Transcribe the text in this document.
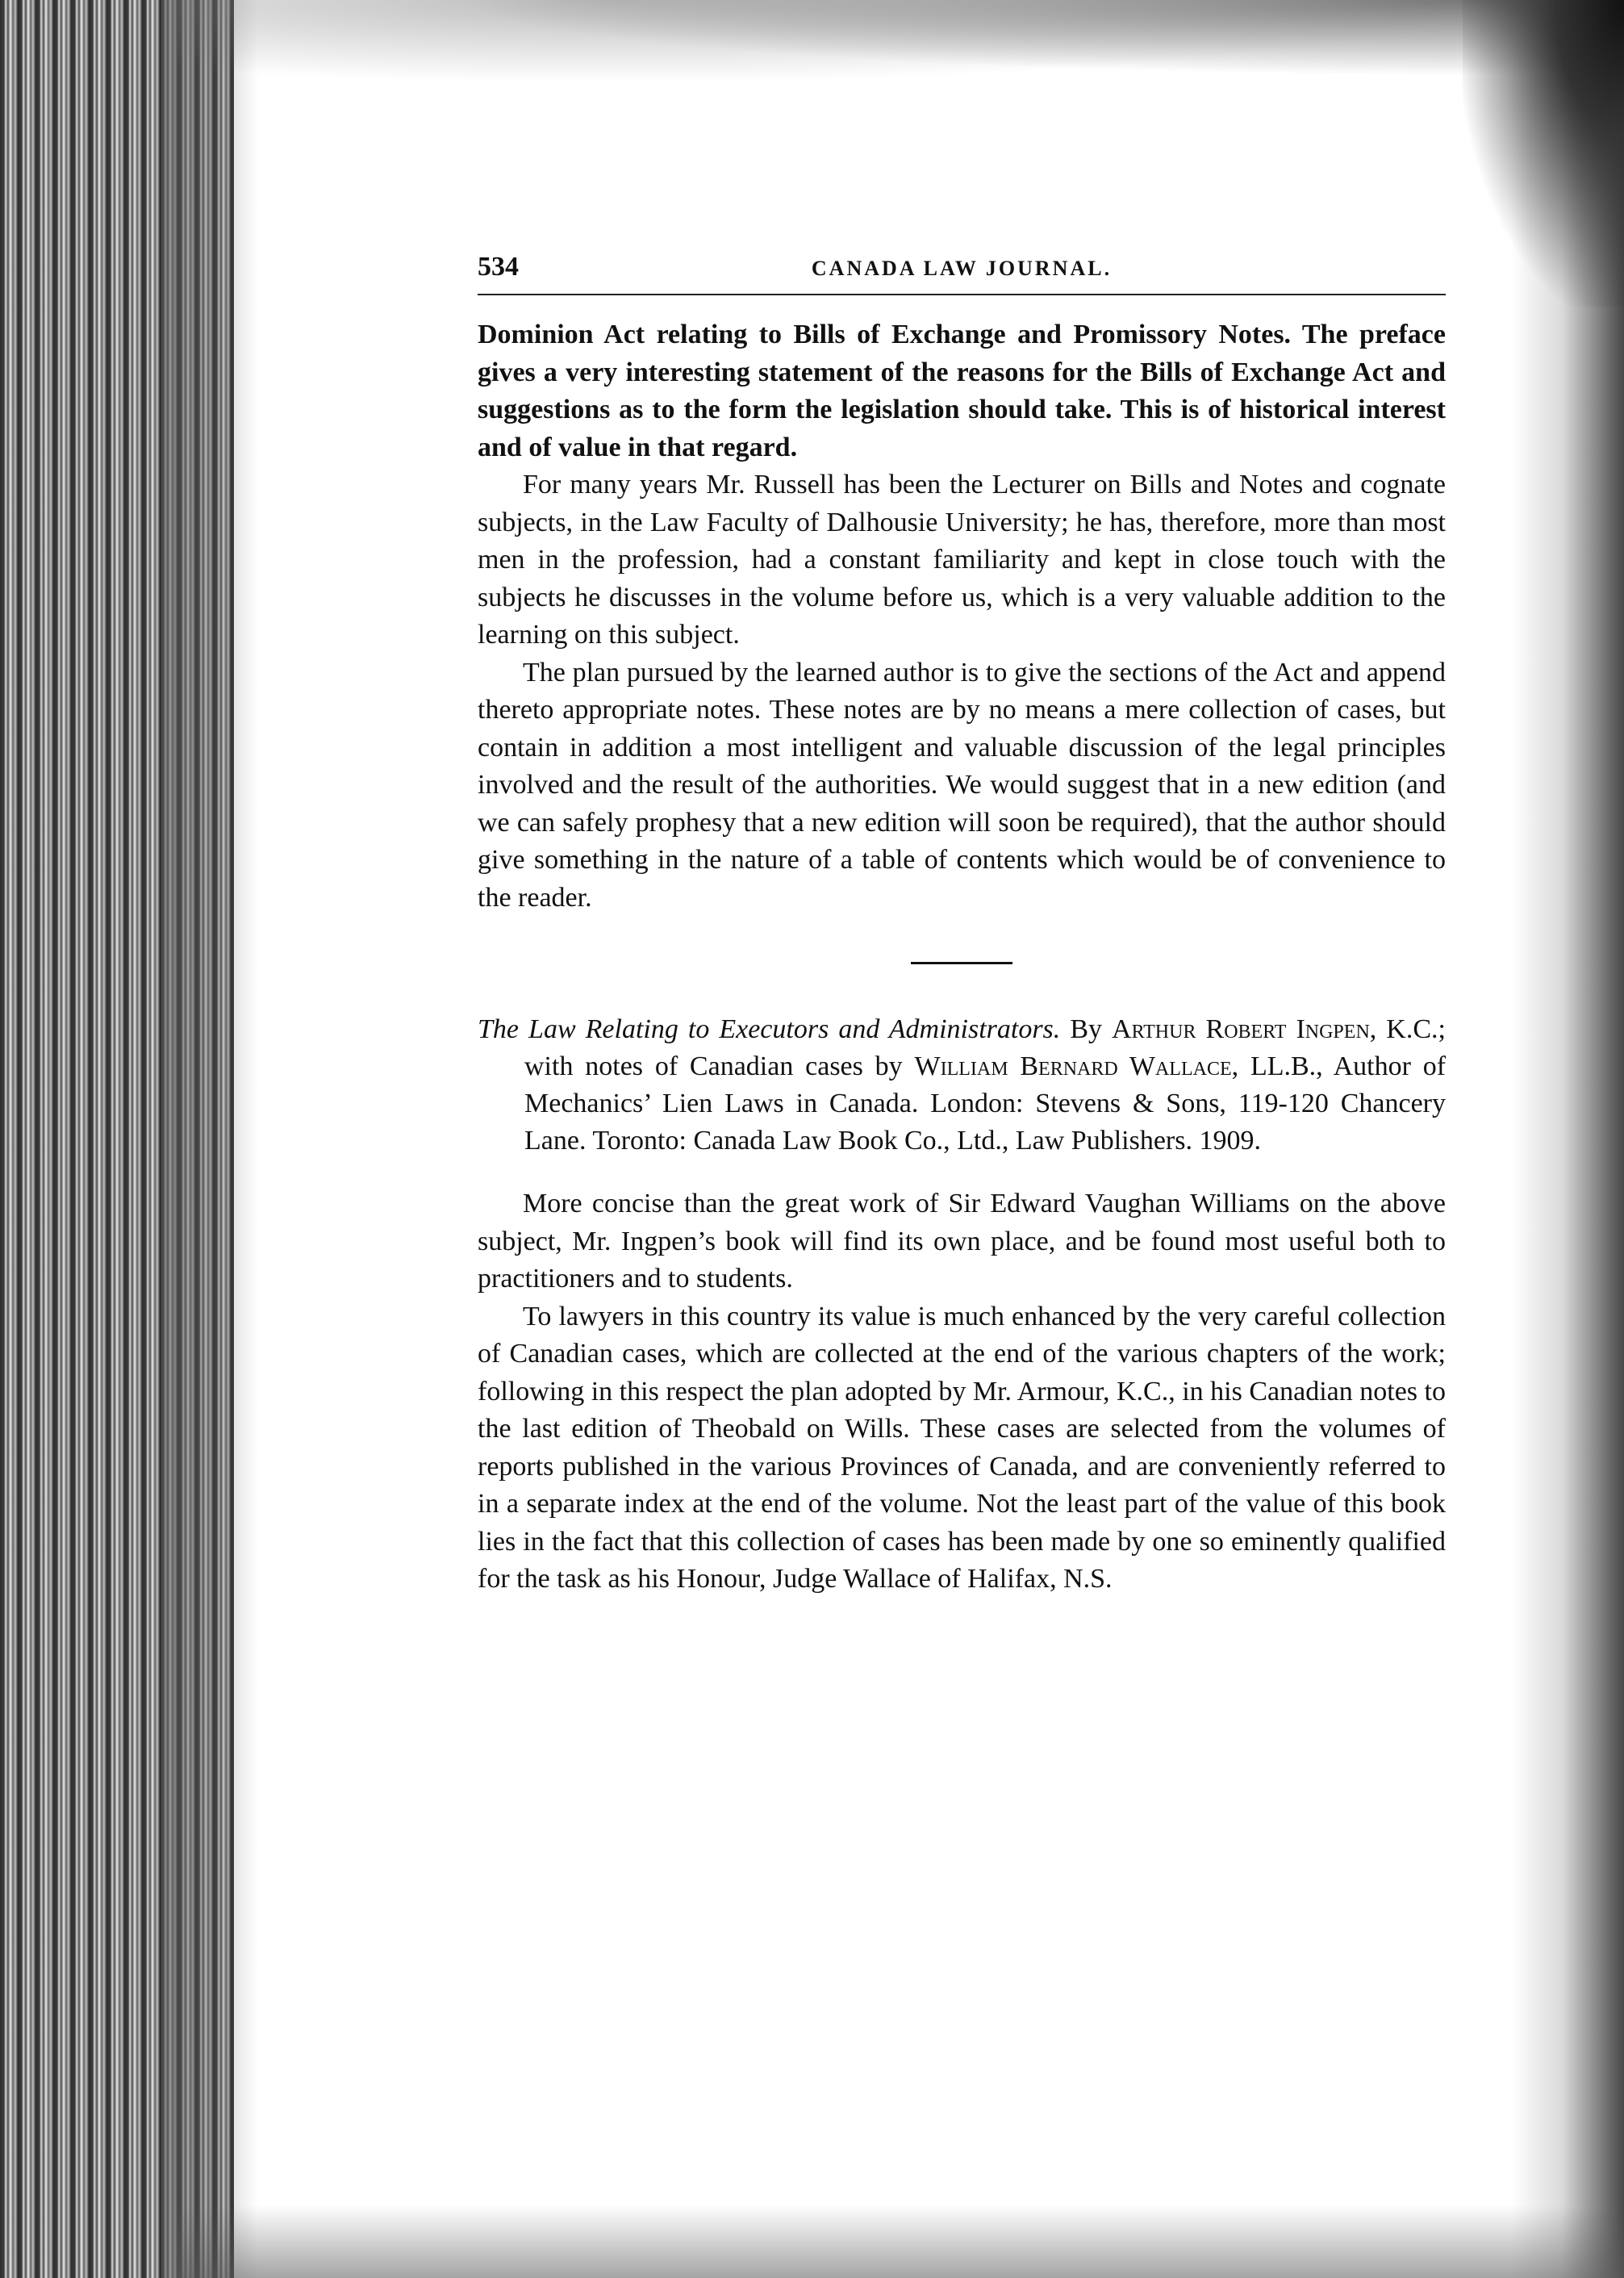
534	CANADA LAW JOURNAL.

Dominion Act relating to Bills of Exchange and Promissory Notes. The preface gives a very interesting statement of the reasons for the Bills of Exchange Act and suggestions as to the form the legislation should take. This is of historical interest and of value in that regard.

For many years Mr. Russell has been the Lecturer on Bills and Notes and cognate subjects, in the Law Faculty of Dalhousie University; he has, therefore, more than most men in the profession, had a constant familiarity and kept in close touch with the subjects he discusses in the volume before us, which is a very valuable addition to the learning on this subject.

The plan pursued by the learned author is to give the sections of the Act and append thereto appropriate notes. These notes are by no means a mere collection of cases, but contain in addition a most intelligent and valuable discussion of the legal principles involved and the result of the authorities. We would suggest that in a new edition (and we can safely prophesy that a new edition will soon be required), that the author should give something in the nature of a table of contents which would be of convenience to the reader.

The Law Relating to Executors and Administrators. By Arthur Robert Ingpen, K.C.; with notes of Canadian cases by William Bernard Wallace, LL.B., Author of Mechanics’ Lien Laws in Canada. London: Stevens & Sons, 119-120 Chancery Lane. Toronto: Canada Law Book Co., Ltd., Law Publishers. 1909.

More concise than the great work of Sir Edward Vaughan Williams on the above subject, Mr. Ingpen’s book will find its own place, and be found most useful both to practitioners and to students.

To lawyers in this country its value is much enhanced by the very careful collection of Canadian cases, which are collected at the end of the various chapters of the work; following in this respect the plan adopted by Mr. Armour, K.C., in his Canadian notes to the last edition of Theobald on Wills. These cases are selected from the volumes of reports published in the various Provinces of Canada, and are conveniently referred to in a separate index at the end of the volume. Not the least part of the value of this book lies in the fact that this collection of cases has been made by one so eminently qualified for the task as his Honour, Judge Wallace of Halifax, N.S.
